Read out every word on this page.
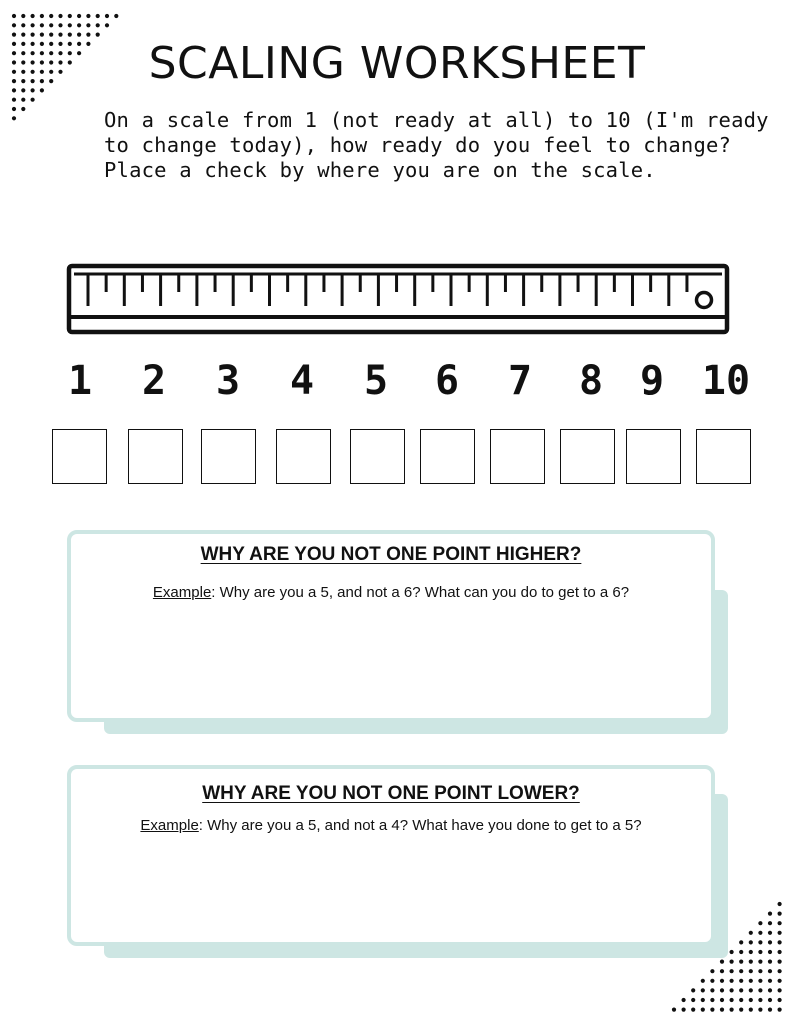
SCALING WORKSHEET
On a scale from 1 (not ready at all) to 10 (I'm ready to change today), how ready do you feel to change? Place a check by where you are on the scale.
1 2 3 4 5 6 7 8 9 10
WHY ARE YOU NOT ONE POINT HIGHER?
Example: Why are you a 5, and not a 6? What can you do to get to a 6?
WHY ARE YOU NOT ONE POINT LOWER?
Example: Why are you a 5, and not a 4? What have you done to get to a 5?
